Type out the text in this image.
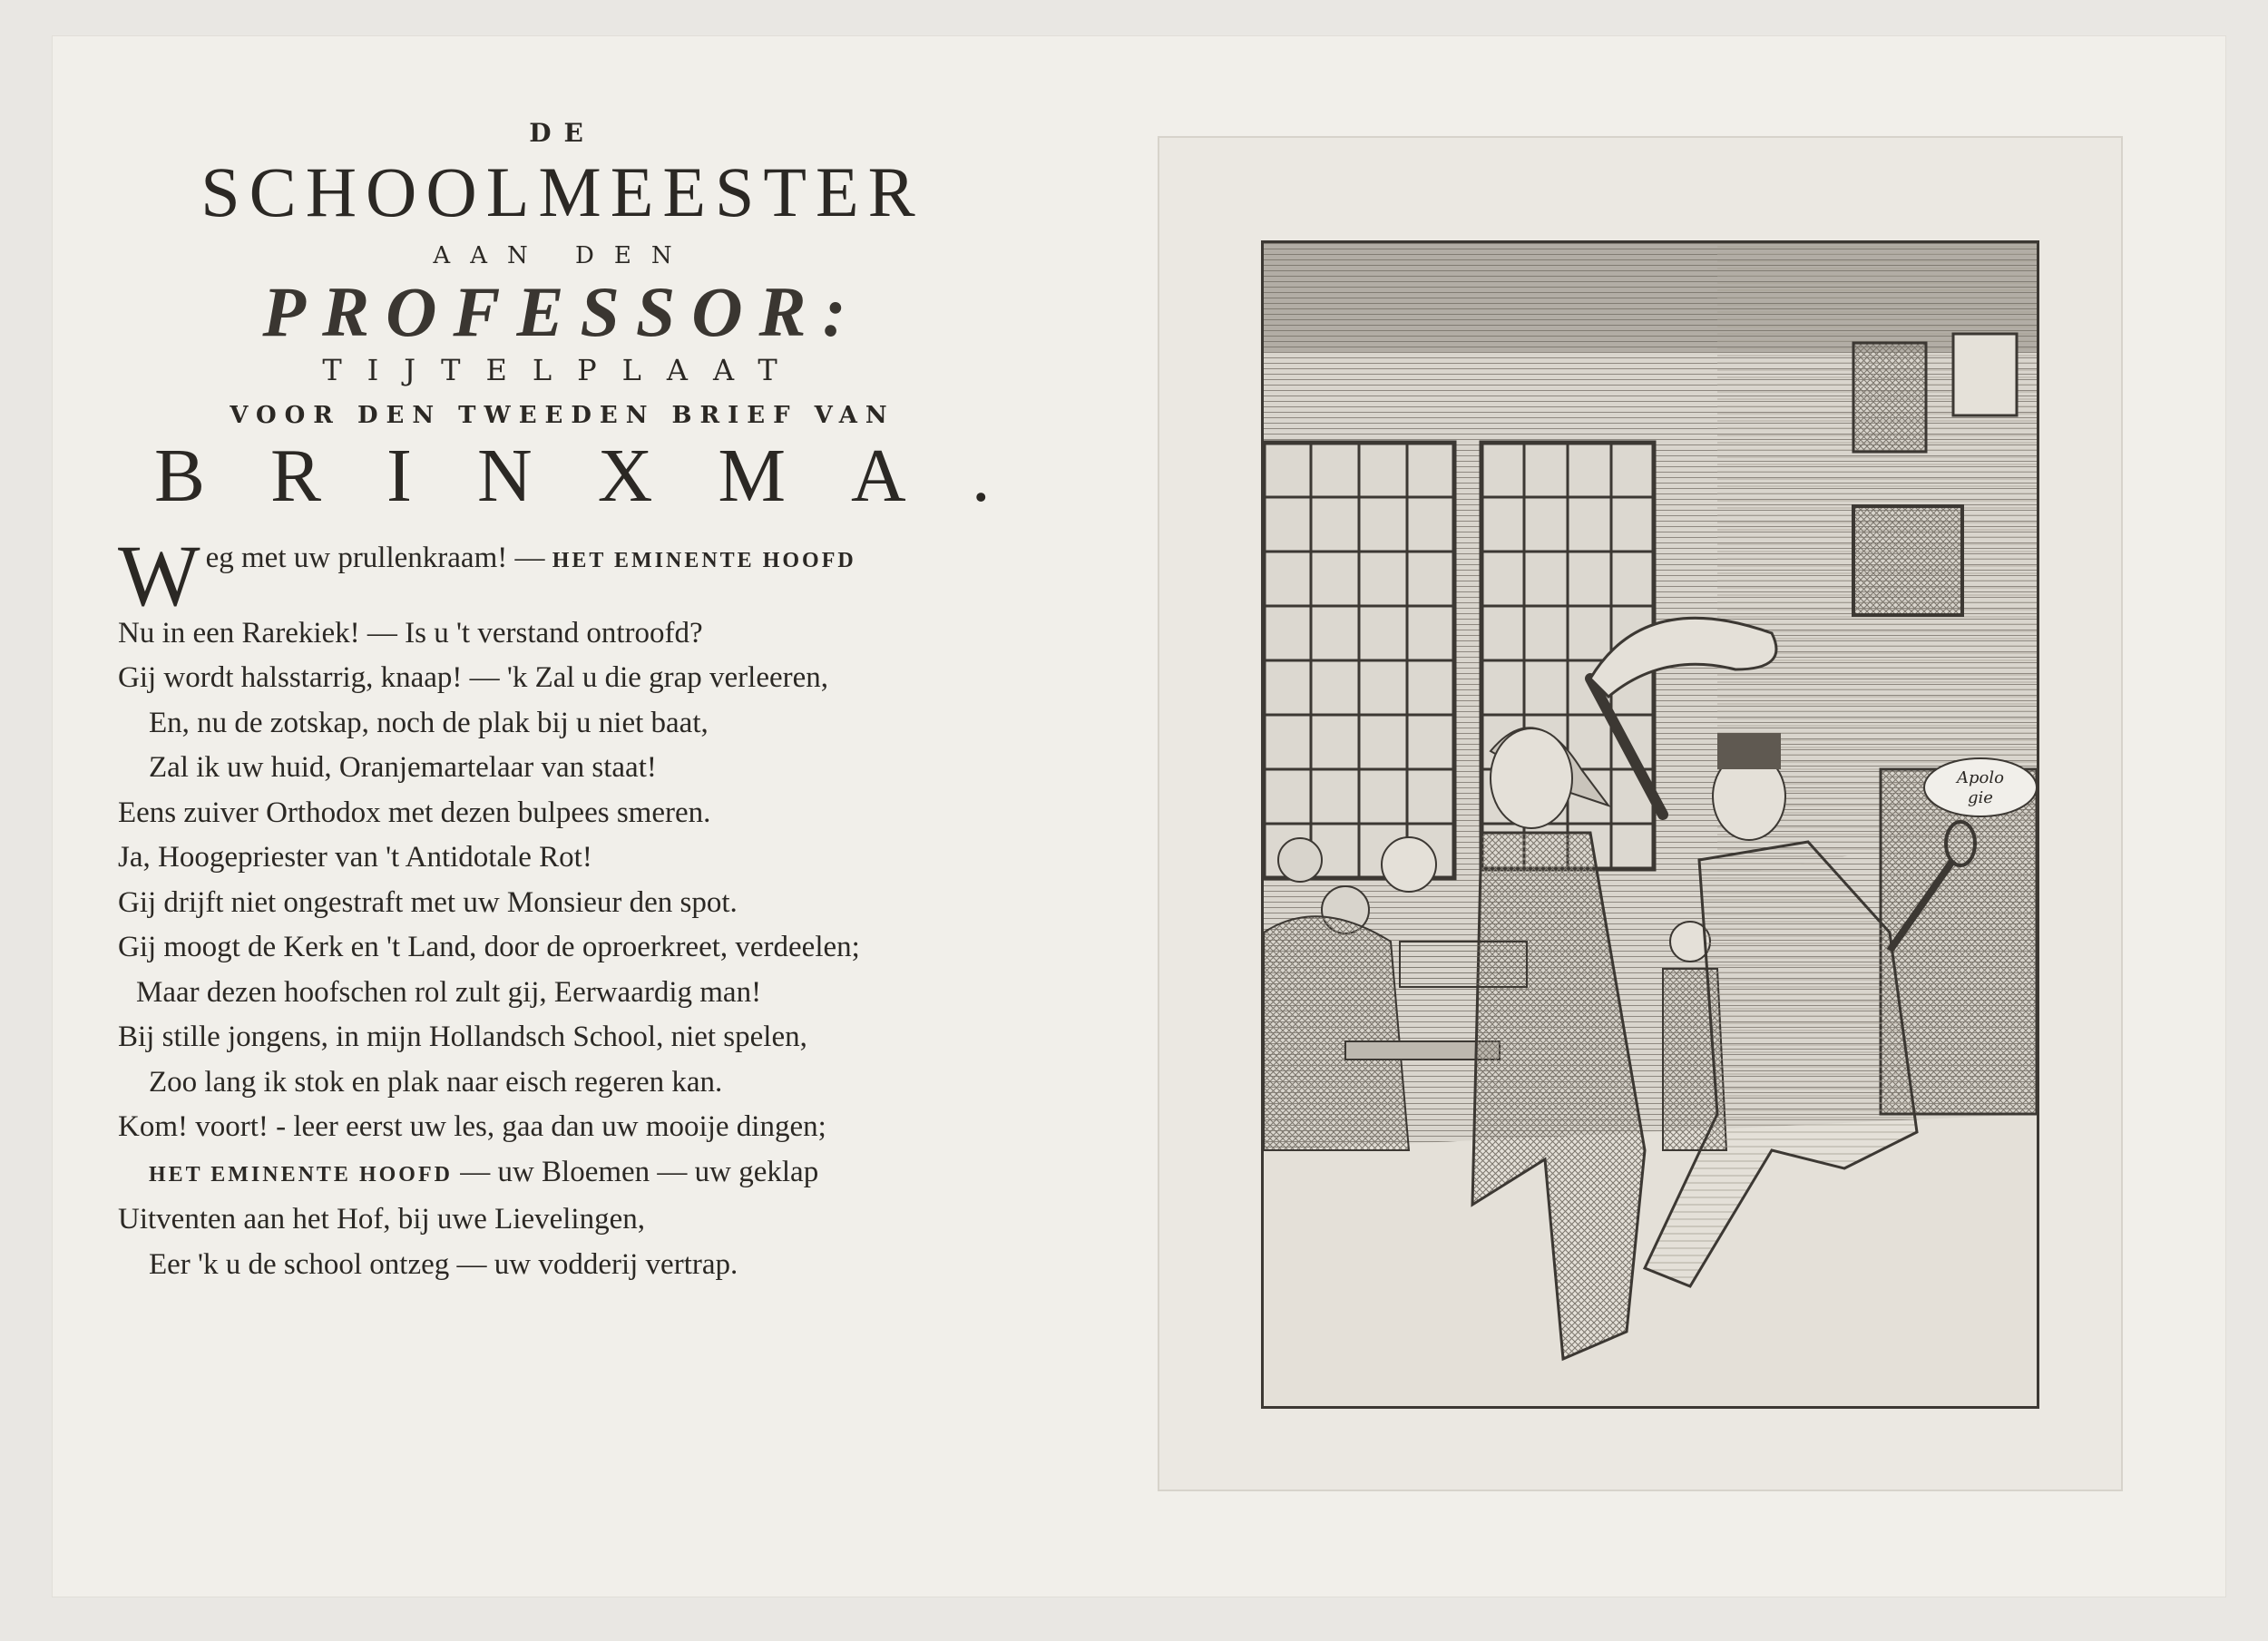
DE
SCHOOLMEESTER
AAN DEN
PROFESSOR:
TIJTELPLAAT
VOOR DEN TWEEDEN BRIEF VAN
BRINXMA.
W eg met uw prullenkraam! — HET EMINENTE HOOFD
Nu in een Rarekiek! — Is u 't verstand ontroofd?
Gij wordt halsstarrig, knaap! — 'k Zal u die grap verleeren,
En, nu de zotskap, noch de plak bij u niet baat,
Zal ik uw huid, Oranjemartelaar van staat!
Eens zuiver Orthodox met dezen bulpees smeren.
Ja, Hoogepriester van 't Antidotale Rot!
Gij drijft niet ongestraft met uw Monsieur den spot.
Gij moogt de Kerk en 't Land, door de oproerkreet, verdeelen;
Maar dezen hoofschen rol zult gij, Eerwaardig man!
Bij stille jongens, in mijn Hollandsch School, niet spelen,
Zoo lang ik stok en plak naar eisch regeren kan.
Kom! voort! - leer eerst uw les, gaa dan uw mooije dingen;
HET EMINENTE HOOFD — uw Bloemen — uw geklap
Uitventen aan het Hof, bij uwe Lievelingen,
Eer 'k u de school ontzeg — uw vodderij vertrap.
Apolo
gie
